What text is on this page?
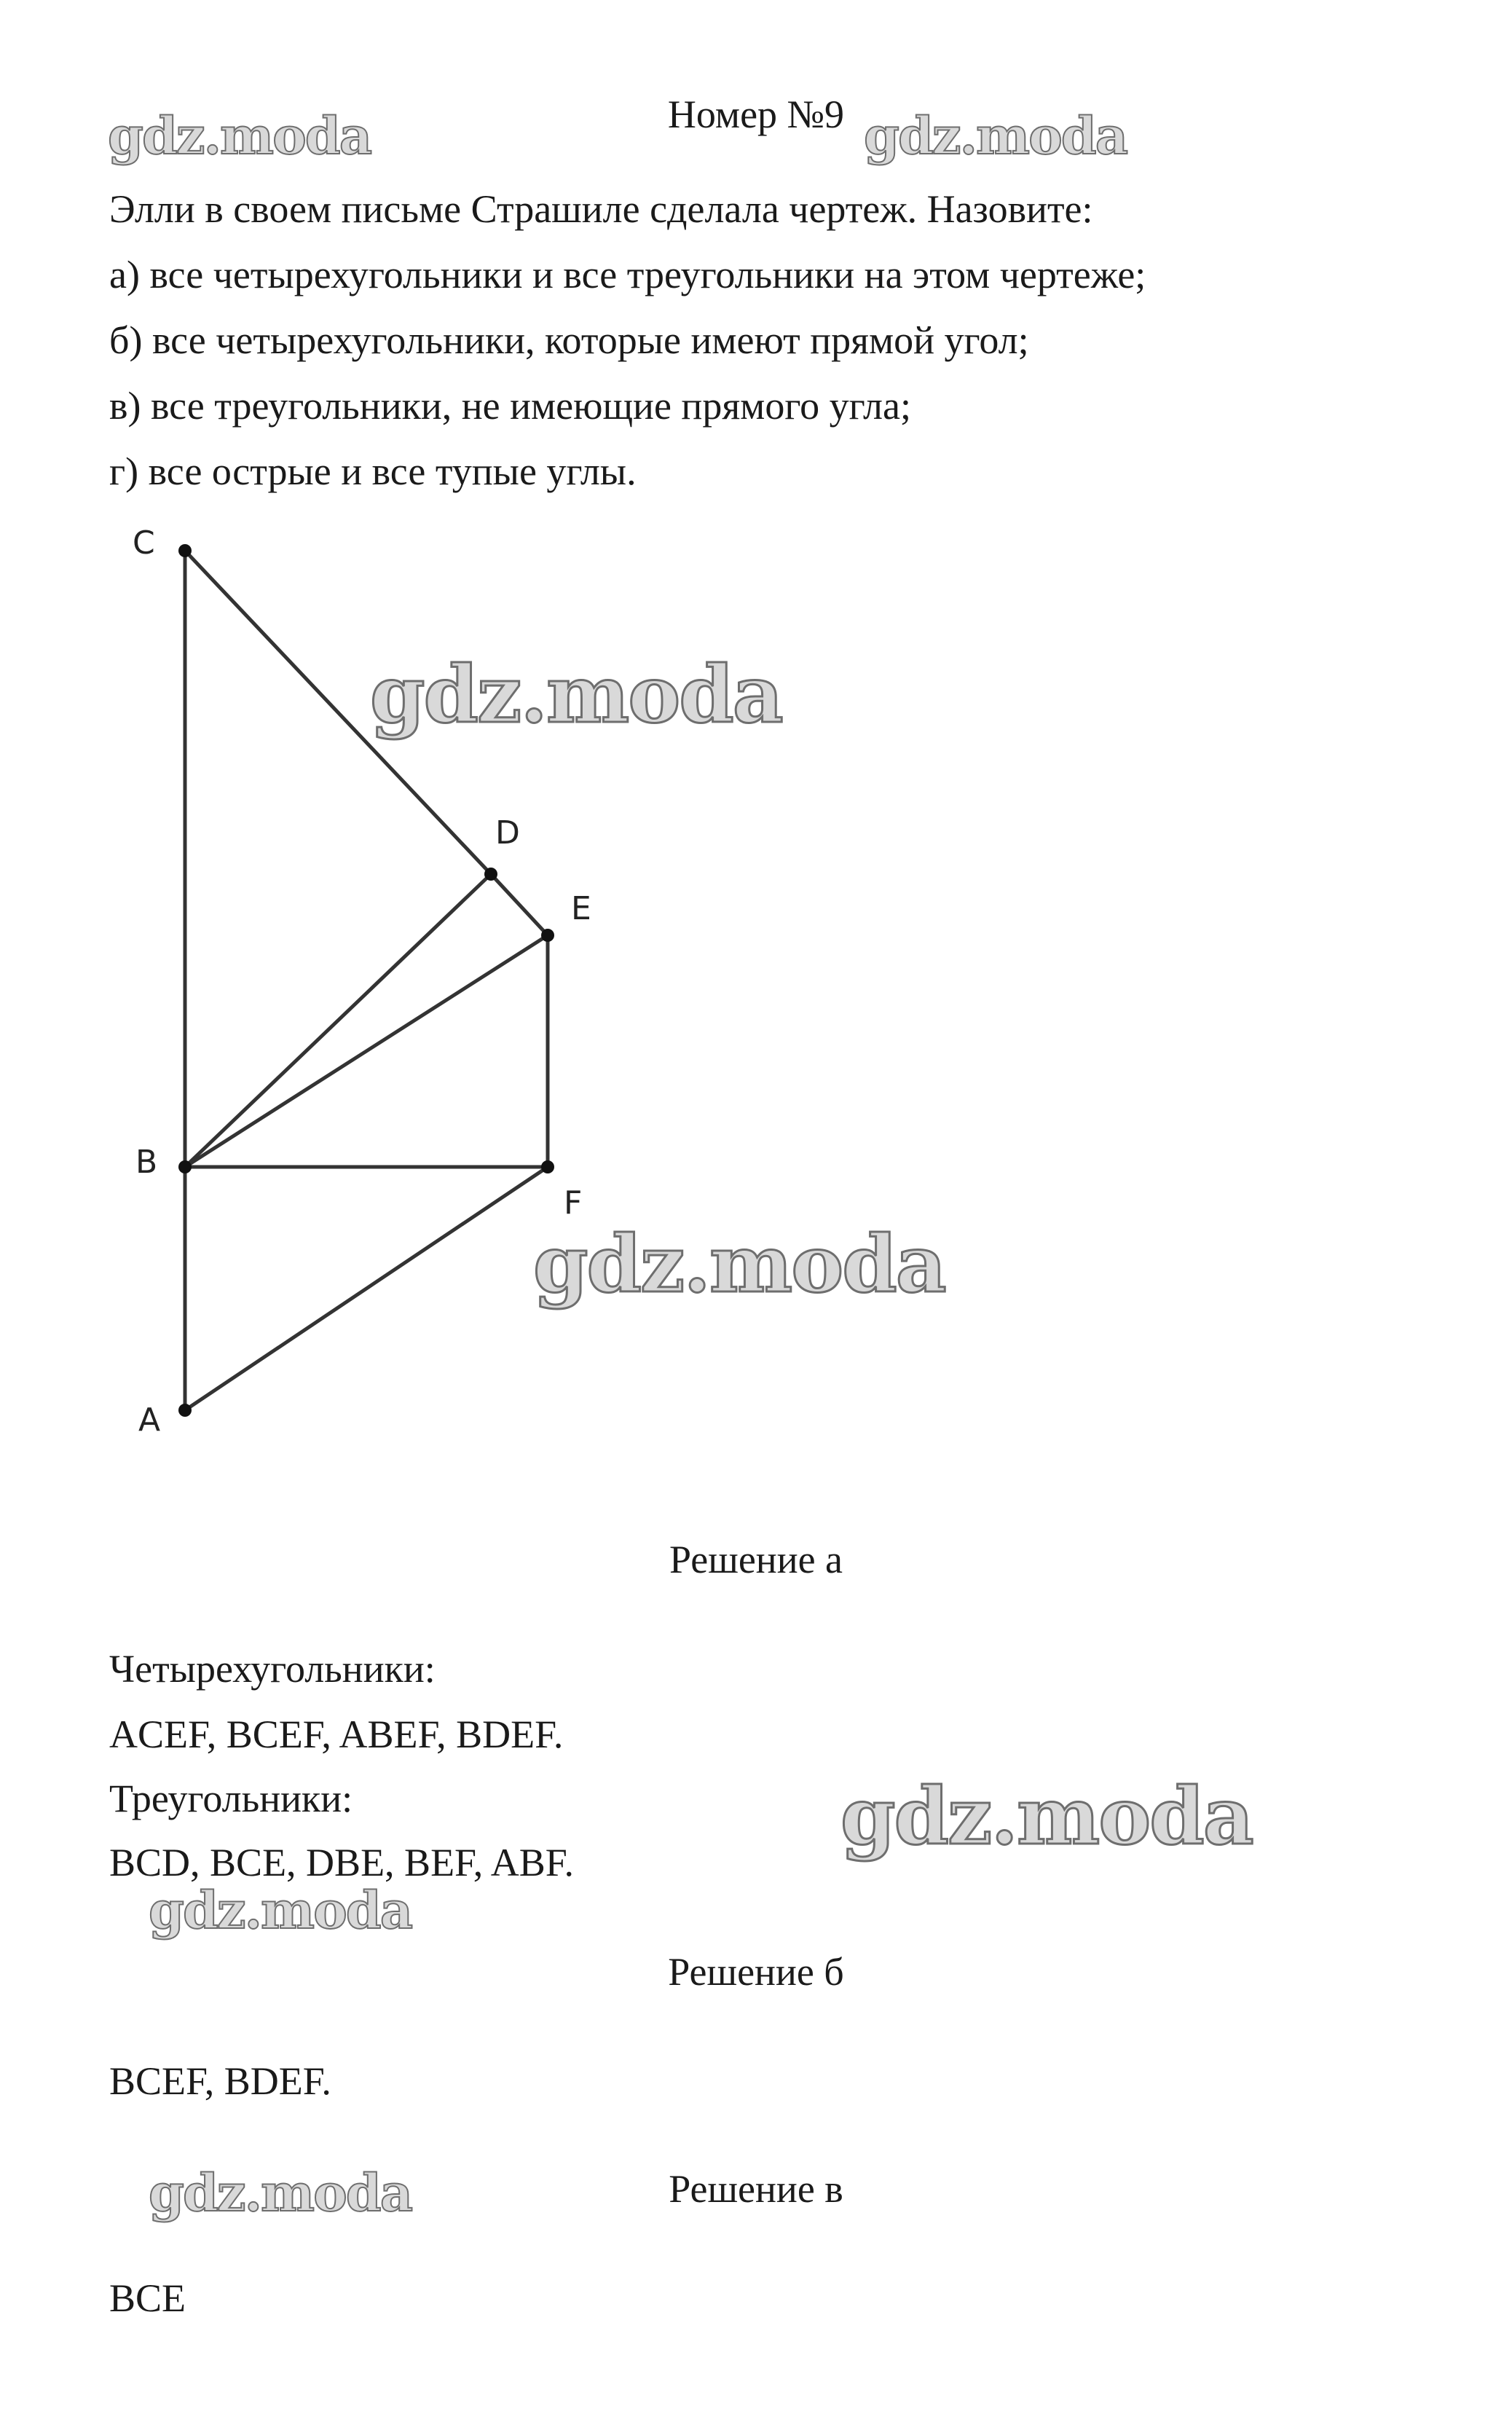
Номер №9
gdz.moda	gdz.moda
gdz.moda
gdz.moda
gdz.moda
gdz.moda
gdz.moda
Элли в своем письме Страшиле сделала чертеж. Назовите:
а) все четырехугольники и все треугольники на этом чертеже;
б) все четырехугольники, которые имеют прямой угол;
в) все треугольники, не имеющие прямого угла;
г) все острые и все тупые углы.
C
D
E
B
F
A
Решение а
Четырехугольники:
ACEF, BCEF, ABEF, BDEF.
Треугольники:
BCD, BCE, DBE, BEF, ABF.
Решение б
BCEF, BDEF.
Решение в
BCE
